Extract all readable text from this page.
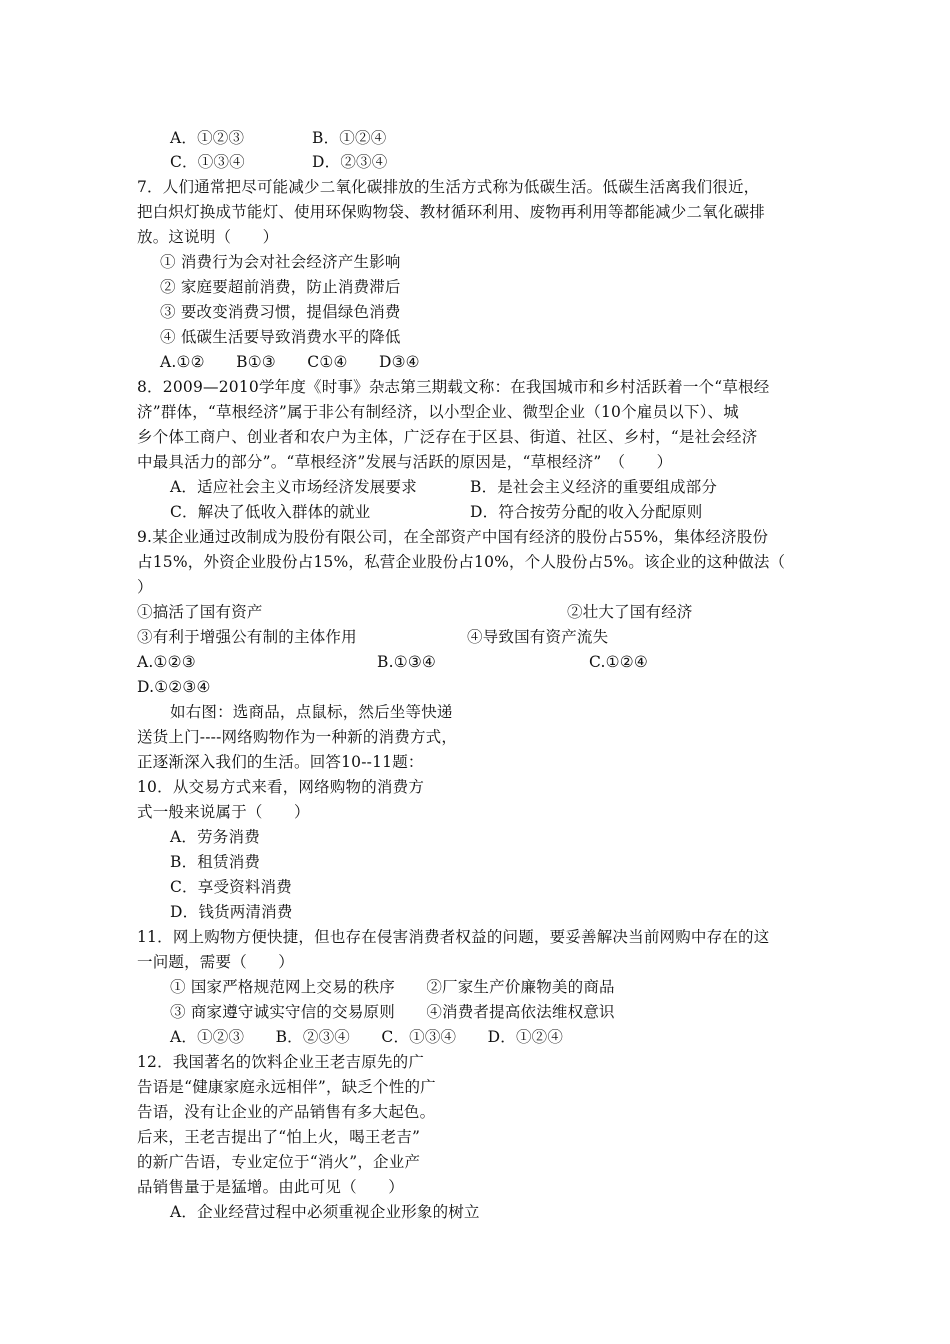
A．①②③	B．①②④
C．①③④	D．②③④
7．人们通常把尽可能减少二氧化碳排放的生活方式称为低碳生活。低碳生活离我们很近，
把白炽灯换成节能灯、使用环保购物袋、教材循环利用、废物再利用等都能减少二氧化碳排
放。这说明（　　）
① 消费行为会对社会经济产生影响
② 家庭要超前消费，防止消费滞后
③ 要改变消费习惯，提倡绿色消费
④ 低碳生活要导致消费水平的降低
A.①②　　B①③　　C①④　　D③④
8．2009—2010学年度《时事》杂志第三期载文称：在我国城市和乡村活跃着一个“草根经
济”群体，“草根经济”属于非公有制经济，以小型企业、微型企业（10个雇员以下）、城
乡个体工商户、创业者和农户为主体，广泛存在于区县、街道、社区、乡村，“是社会经济
中最具活力的部分”。“草根经济”发展与活跃的原因是，“草根经济”　（　　）
A．适应社会主义市场经济发展要求	B．是社会主义经济的重要组成部分
C．解决了低收入群体的就业	D．符合按劳分配的收入分配原则
9.某企业通过改制成为股份有限公司，在全部资产中国有经济的股份占55%，集体经济股份
占15%，外资企业股份占15%，私营企业股份占10%，个人股份占5%。该企业的这种做法（
）
①搞活了国有资产	②壮大了国有经济
③有利于增强公有制的主体作用	④导致国有资产流失
A.①②③	B.①③④	C.①②④
D.①②③④
如右图：选商品，点鼠标，然后坐等快递
送货上门----网络购物作为一种新的消费方式，
正逐渐深入我们的生活。回答10--11题：
10．从交易方式来看，网络购物的消费方
式一般来说属于（　　）
A．劳务消费
B．租赁消费
C．享受资料消费
D．钱货两清消费
11．网上购物方便快捷，但也存在侵害消费者权益的问题，要妥善解决当前网购中存在的这
一问题，需要（　　）
① 国家严格规范网上交易的秩序　　②厂家生产价廉物美的商品
③ 商家遵守诚实守信的交易原则　　④消费者提高依法维权意识
A．①②③　　B．②③④　　C．①③④　　D．①②④
12．我国著名的饮料企业王老吉原先的广
告语是“健康家庭永远相伴”，缺乏个性的广
告语，没有让企业的产品销售有多大起色。
后来，王老吉提出了“怕上火，喝王老吉”
的新广告语，专业定位于“消火”，企业产
品销售量于是猛增。由此可见（　　）
A．企业经营过程中必须重视企业形象的树立
